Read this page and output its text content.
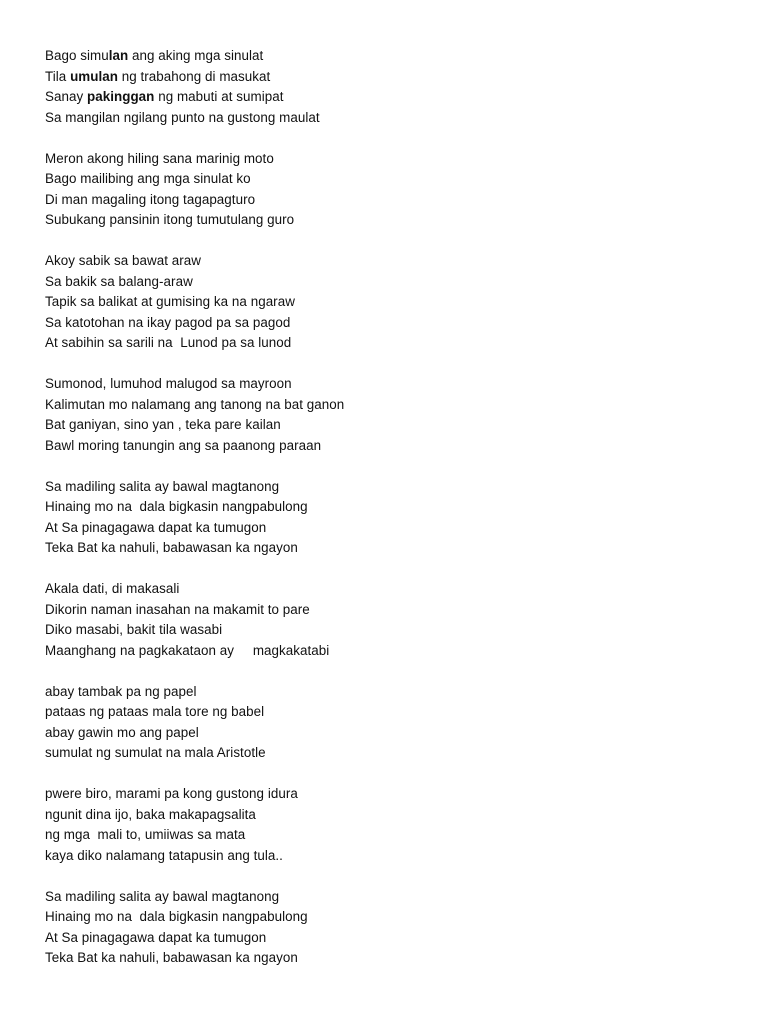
Bago simulan ang aking mga sinulat
Tila umulan ng trabahong di masukat
Sanay pakinggan ng mabuti at sumipat
Sa mangilan ngilang punto na gustong maulat
Meron akong hiling sana marinig moto
Bago mailibing ang mga sinulat ko
Di man magaling itong tagapagturo
Subukang pansinin itong tumutulang guro
Akoy sabik sa bawat araw
Sa bakik sa balang-araw
Tapik sa balikat at gumising ka na ngaraw
Sa katotohan na ikay pagod pa sa pagod
At sabihin sa sarili na  Lunod pa sa lunod
Sumonod, lumuhod malugod sa mayroon
Kalimutan mo nalamang ang tanong na bat ganon
Bat ganiyan, sino yan , teka pare kailan
Bawl moring tanungin ang sa paanong paraan
Sa madiling salita ay bawal magtanong
Hinaing mo na  dala bigkasin nangpabulong
At Sa pinagagawa dapat ka tumugon
Teka Bat ka nahuli, babawasan ka ngayon
Akala dati, di makasali
Dikorin naman inasahan na makamit to pare
Diko masabi, bakit tila wasabi
Maanghang na pagkakataon ay     magkakatabi
abay tambak pa ng papel
pataas ng pataas mala tore ng babel
abay gawin mo ang papel
sumulat ng sumulat na mala Aristotle
pwere biro, marami pa kong gustong idura
ngunit dina ijo, baka makapagsalita
ng mga  mali to, umiiwas sa mata
kaya diko nalamang tatapusin ang tula..
Sa madiling salita ay bawal magtanong
Hinaing mo na  dala bigkasin nangpabulong
At Sa pinagagawa dapat ka tumugon
Teka Bat ka nahuli, babawasan ka ngayon
